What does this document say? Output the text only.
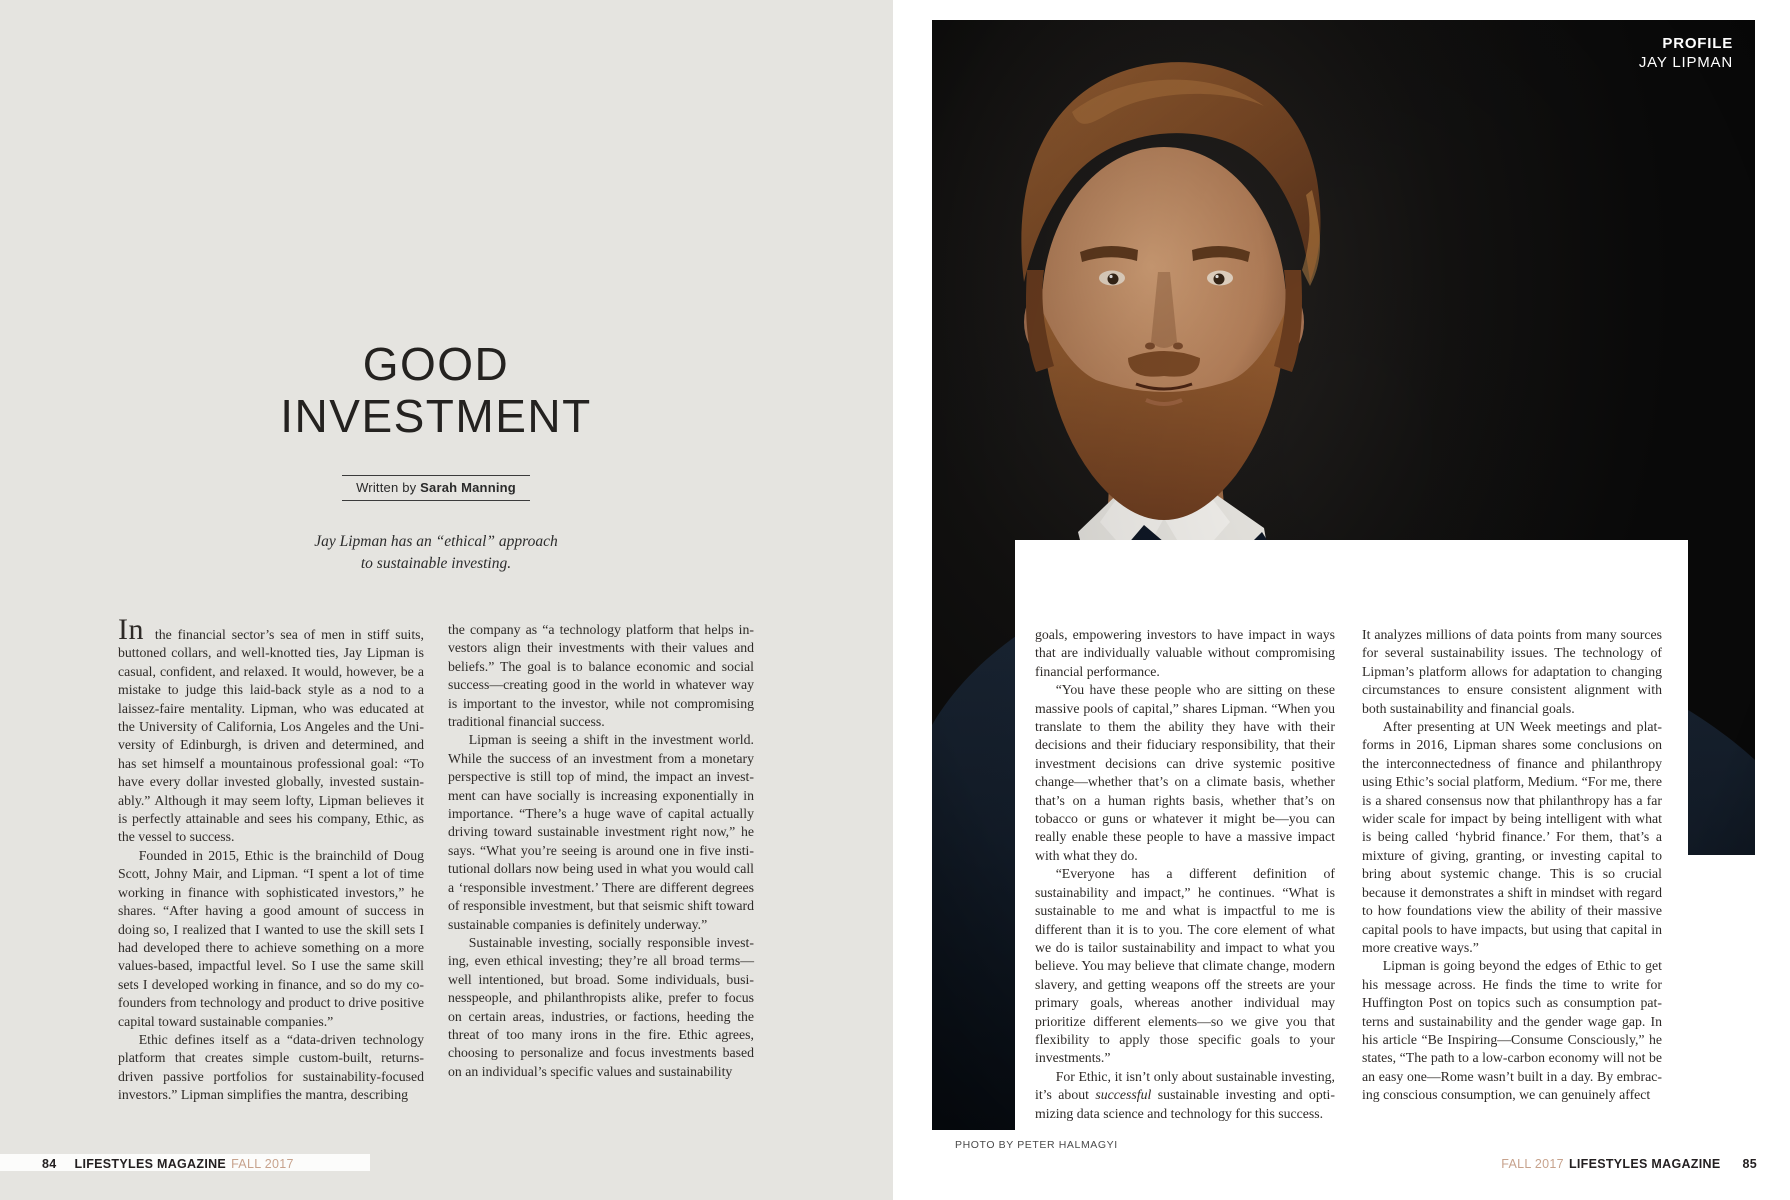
GOOD
INVESTMENT
Written by Sarah Manning

Jay Lipman has an “ethical” approach
to sustainable investing.

In the financial sector’s sea of men in stiff suits, buttoned collars, and well-knotted ties, Jay Lipman is casual, confident, and relaxed. It would, however, be a mistake to judge this laid-back style as a nod to a laissez-faire mentality. Lipman, who was educated at the University of California, Los Angeles and the University of Edinburgh, is driven and determined, and has set himself a mountainous professional goal: “To have every dollar invested globally, invested sustainably.” Although it may seem lofty, Lipman believes it is perfectly attainable and sees his company, Ethic, as the vessel to success.

Founded in 2015, Ethic is the brainchild of Doug Scott, Johny Mair, and Lipman. “I spent a lot of time working in finance with sophisticated investors,” he shares. “After having a good amount of success in doing so, I realized that I wanted to use the skill sets I had developed there to achieve something on a more values-based, impactful level. So I use the same skill sets I developed working in finance, and so do my co-founders from technology and product to drive positive capital toward sustainable companies.”

Ethic defines itself as a “data-driven technology platform that creates simple custom-built, returns-driven passive portfolios for sustainability-focused investors.” Lipman simplifies the mantra, describing

the company as “a technology platform that helps investors align their investments with their values and beliefs.” The goal is to balance economic and social success—creating good in the world in whatever way is important to the investor, while not compromising traditional financial success.

Lipman is seeing a shift in the investment world. While the success of an investment from a monetary perspective is still top of mind, the impact an investment can have socially is increasing exponentially in importance. “There’s a huge wave of capital actually driving toward sustainable investment right now,” he says. “What you’re seeing is around one in five institutional dollars now being used in what you would call a ‘responsible investment.’ There are different degrees of responsible investment, but that seismic shift toward sustainable companies is definitely underway.”

Sustainable investing, socially responsible investing, even ethical investing; they’re all broad terms—well intentioned, but broad. Some individuals, businesspeople, and philanthropists alike, prefer to focus on certain areas, industries, or factions, heeding the threat of too many irons in the fire. Ethic agrees, choosing to personalize and focus investments based on an individual’s specific values and sustainability

84 LIFESTYLES MAGAZINE FALL 2017
PROFILE
JAY LIPMAN

goals, empowering investors to have impact in ways that are individually valuable without compromising financial performance.

“You have these people who are sitting on these massive pools of capital,” shares Lipman. “When you translate to them the ability they have with their decisions and their fiduciary responsibility, that their investment decisions can drive systemic positive change—whether that’s on a climate basis, whether that’s on a human rights basis, whether that’s on tobacco or guns or whatever it might be—you can really enable these people to have a massive impact with what they do.

“Everyone has a different definition of sustainability and impact,” he continues. “What is sustainable to me and what is impactful to me is different than it is to you. The core element of what we do is tailor sustainability and impact to what you believe. You may believe that climate change, modern slavery, and getting weapons off the streets are your primary goals, whereas another individual may prioritize different elements—so we give you that flexibility to apply those specific goals to your investments.”

For Ethic, it isn’t only about sustainable investing, it’s about successful sustainable investing and optimizing data science and technology for this success.

It analyzes millions of data points from many sources for several sustainability issues. The technology of Lipman’s platform allows for adaptation to changing circumstances to ensure consistent alignment with both sustainability and financial goals.

After presenting at UN Week meetings and platforms in 2016, Lipman shares some conclusions on the interconnectedness of finance and philanthropy using Ethic’s social platform, Medium. “For me, there is a shared consensus now that philanthropy has a far wider scale for impact by being intelligent with what is being called ‘hybrid finance.’ For them, that’s a mixture of giving, granting, or investing capital to bring about systemic change. This is so crucial because it demonstrates a shift in mindset with regard to how foundations view the ability of their massive capital pools to have impacts, but using that capital in more creative ways.”

Lipman is going beyond the edges of Ethic to get his message across. He finds the time to write for Huffington Post on topics such as consumption patterns and sustainability and the gender wage gap. In his article “Be Inspiring—Consume Consciously,” he states, “The path to a low-carbon economy will not be an easy one—Rome wasn’t built in a day. By embracing conscious consumption, we can genuinely affect

PHOTO BY PETER HALMAGYI
FALL 2017 LIFESTYLES MAGAZINE 85
